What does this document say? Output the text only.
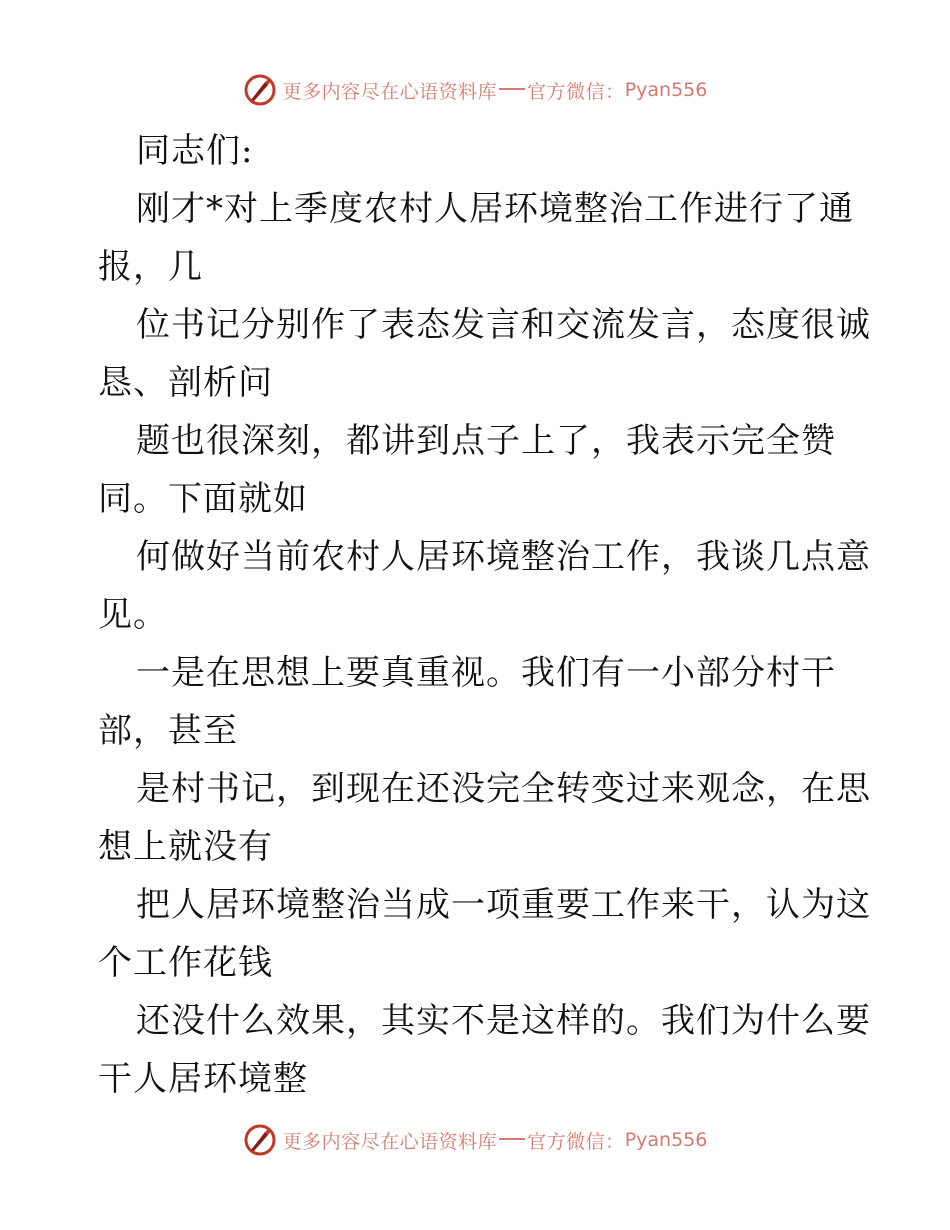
更多内容尽在心语资料库 官方微信： Pyan556
同志们:
刚才*对上季度农村人居环境整治工作进行了通
报，几
位书记分别作了表态发言和交流发言，态度很诚
恳、剖析问
题也很深刻，都讲到点子上了，我表示完全赞
同。下面就如
何做好当前农村人居环境整治工作，我谈几点意
见。
一是在思想上要真重视。我们有一小部分村干
部，甚至
是村书记，到现在还没完全转变过来观念，在思
想上就没有
把人居环境整治当成一项重要工作来干，认为这
个工作花钱
还没什么效果，其实不是这样的。我们为什么要
干人居环境整
更多内容尽在心语资料库 官方微信： Pyan556
